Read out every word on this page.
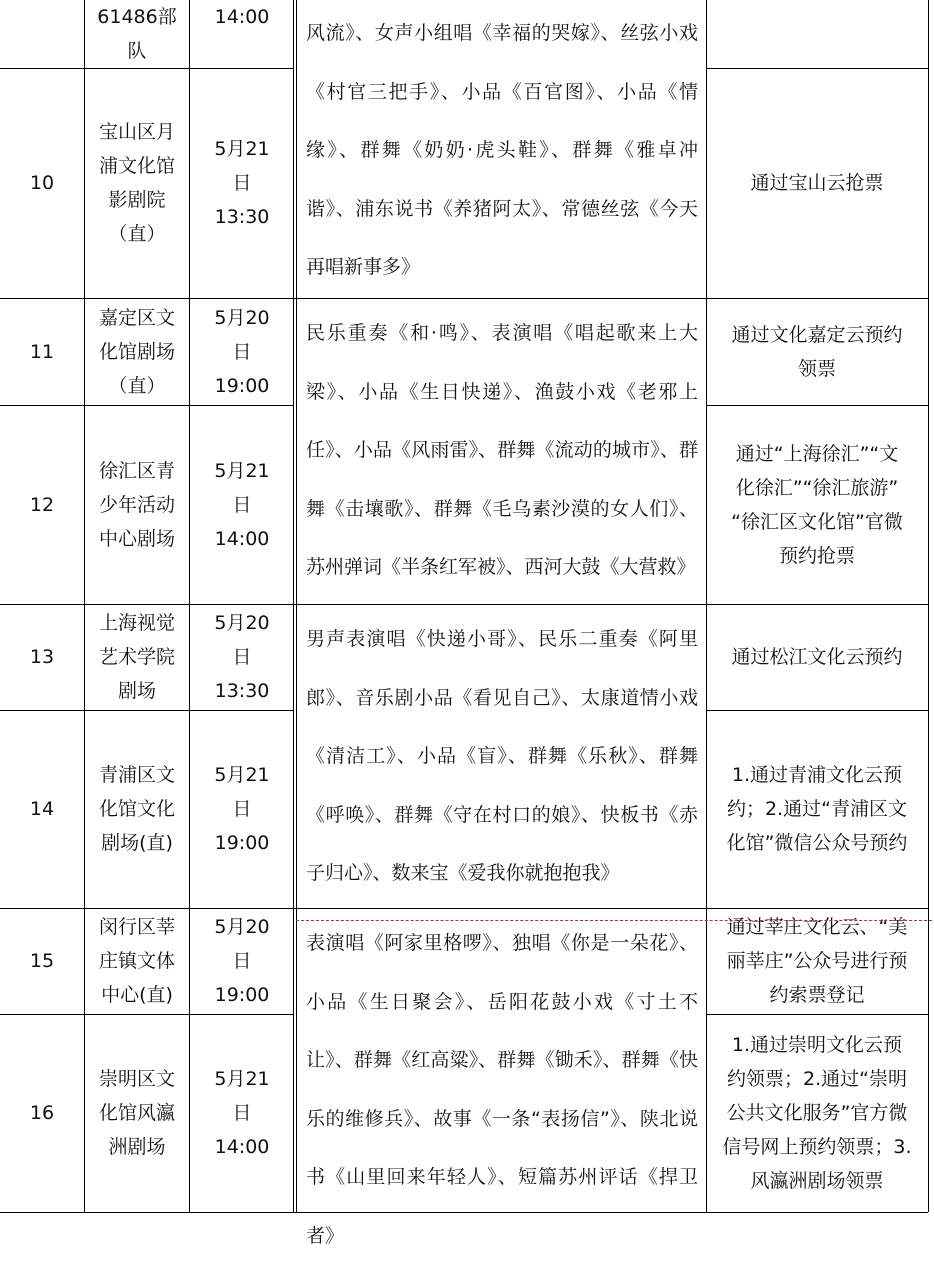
61486部
队
14:00
10
宝山区月
浦文化馆
影剧院
（直）
5月21
日
13:30
通过宝山云抢票
11
嘉定区文
化馆剧场
（直）
5月20
日
19:00
通过文化嘉定云预约
领票
12
徐汇区青
少年活动
中心剧场
5月21
日
14:00
通过“上海徐汇”“文
化徐汇”“徐汇旅游”
“徐汇区文化馆”官微
预约抢票
13
上海视觉
艺术学院
剧场
5月20
日
13:30
通过松江文化云预约
14
青浦区文
化馆文化
剧场(直)
5月21
日
19:00
1.通过青浦文化云预
约；2.通过“青浦区文
化馆”微信公众号预约
15
闵行区莘
庄镇文体
中心(直)
5月20
日
19:00
通过莘庄文化云、“美
丽莘庄”公众号进行预
约索票登记
16
崇明区文
化馆风瀛
洲剧场
5月21
日
14:00
1.通过崇明文化云预
约领票；2.通过“崇明
公共文化服务”官方微
信号网上预约领票；3.
风瀛洲剧场领票
风流》、女声小组唱《幸福的哭嫁》、丝弦小戏《村官三把手》、小品《百官图》、小品《情缘》、群舞《奶奶·虎头鞋》、群舞《雅卓冲谐》、浦东说书《养猪阿太》、常德丝弦《今天再唱新事多》
民乐重奏《和·鸣》、表演唱《唱起歌来上大梁》、小品《生日快递》、渔鼓小戏《老邪上任》、小品《风雨雷》、群舞《流动的城市》、群舞《击壤歌》、群舞《毛乌素沙漠的女人们》、苏州弹词《半条红军被》、西河大鼓《大营救》
男声表演唱《快递小哥》、民乐二重奏《阿里郎》、音乐剧小品《看见自己》、太康道情小戏《清洁工》、小品《盲》、群舞《乐秋》、群舞《呼唤》、群舞《守在村口的娘》、快板书《赤子归心》、数来宝《爱我你就抱抱我》
表演唱《阿家里格啰》、独唱《你是一朵花》、小品《生日聚会》、岳阳花鼓小戏《寸土不让》、群舞《红高粱》、群舞《锄禾》、群舞《快乐的维修兵》、故事《一条“表扬信”》、陕北说书《山里回来年轻人》、短篇苏州评话《捍卫者》
